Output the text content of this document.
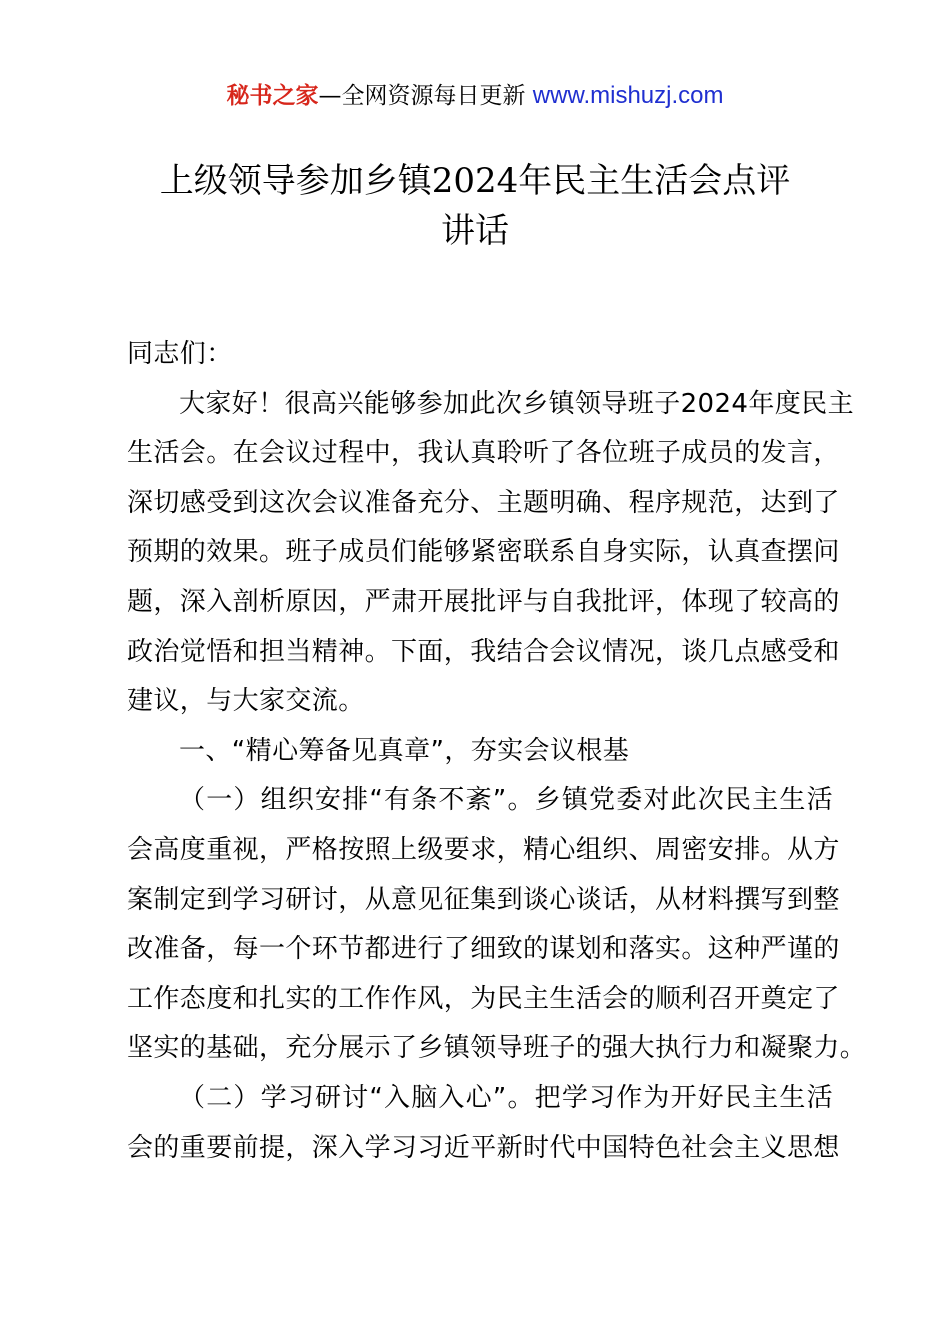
秘书之家—全网资源每日更新 www.mishuzj.com
上级领导参加乡镇2024年民主生活会点评
讲话
同志们：
大家好！很高兴能够参加此次乡镇领导班子2024年度民主
生活会。在会议过程中，我认真聆听了各位班子成员的发言，
深切感受到这次会议准备充分、主题明确、程序规范，达到了
预期的效果。班子成员们能够紧密联系自身实际，认真查摆问
题，深入剖析原因，严肃开展批评与自我批评，体现了较高的
政治觉悟和担当精神。下面，我结合会议情况，谈几点感受和
建议，与大家交流。
一、“精心筹备见真章”，夯实会议根基
（一）组织安排“有条不紊”。乡镇党委对此次民主生活
会高度重视，严格按照上级要求，精心组织、周密安排。从方
案制定到学习研讨，从意见征集到谈心谈话，从材料撰写到整
改准备，每一个环节都进行了细致的谋划和落实。这种严谨的
工作态度和扎实的工作作风，为民主生活会的顺利召开奠定了
坚实的基础，充分展示了乡镇领导班子的强大执行力和凝聚力。
（二）学习研讨“入脑入心”。把学习作为开好民主生活
会的重要前提，深入学习习近平新时代中国特色社会主义思想
